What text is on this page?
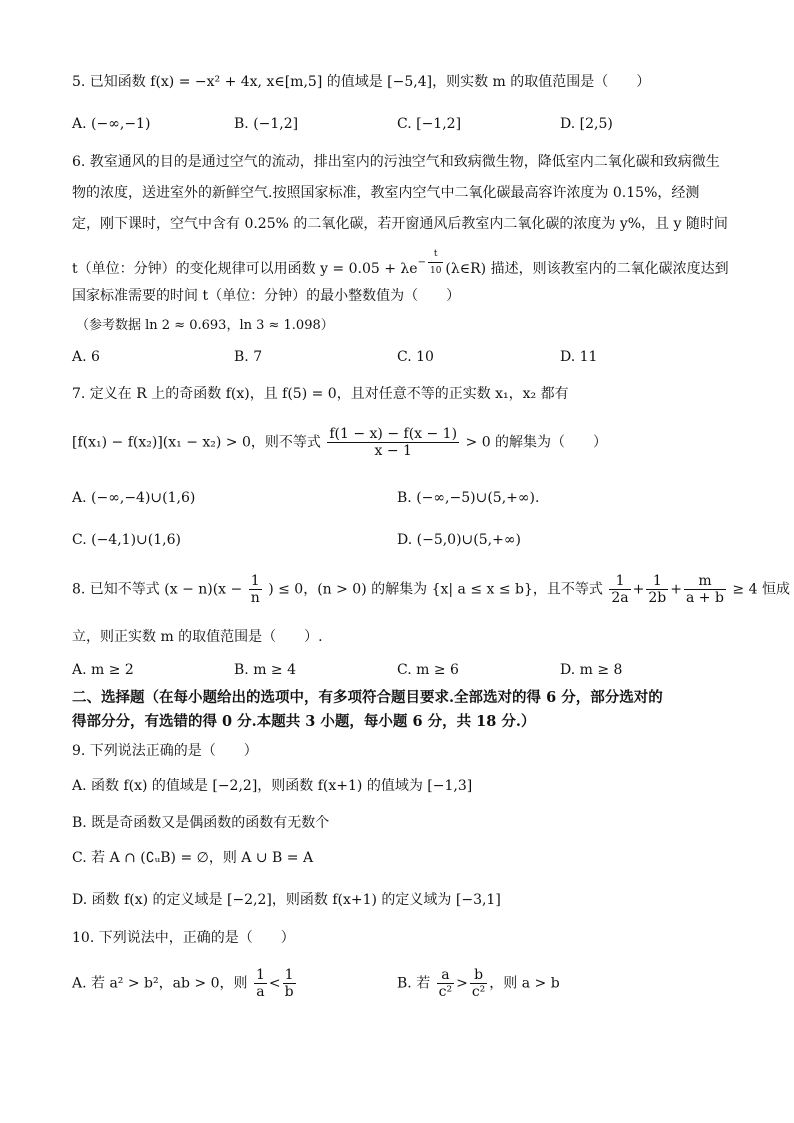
5. 已知函数 f(x) = −x² + 4x, x∈[m,5] 的值域是 [−5,4]，则实数 m 的取值范围是（　　）
A. (−∞,−1)	B. (−1,2]	C. [−1,2]	D. [2,5)
6. 教室通风的目的是通过空气的流动，排出室内的污浊空气和致病微生物，降低室内二氧化碳和致病微生
物的浓度，送进室外的新鲜空气.按照国家标准，教室内空气中二氧化碳最高容许浓度为 0.15%，经测
定，刚下课时，空气中含有 0.25% 的二氧化碳，若开窗通风后教室内二氧化碳的浓度为 y%，且 y 随时间
t（单位：分钟）的变化规律可以用函数 $y = 0.05 + \lambda e^{- \frac{t}{10}}$ (λ∈R) 描述，则该教室内的二氧化碳浓度达到
国家标准需要的时间 t（单位：分钟）的最小整数值为（　　）
（参考数据 ln 2 ≈ 0.693，ln 3 ≈ 1.098）
A. 6	B. 7	C. 10	D. 11
7. 定义在 R 上的奇函数 f(x)，且 f(5) = 0，且对任意不等的正实数 x₁，x₂ 都有
[f(x₁) − f(x₂)](x₁ − x₂) > 0，则不等式 $\frac{f(1 - x) - f(x - 1)}{x - 1} > 0$ 的解集为（　　）
A. (−∞,−4)∪(1,6)	B. (−∞,−5)∪(5,+∞).
C. (−4,1)∪(1,6)	D. (−5,0)∪(5,+∞)
8. 已知不等式 $(x - n)(x - \frac{1}{n}$ ) ≤ 0，(n > 0) 的解集为 {x| a ≤ x ≤ b}，且不等式 $\frac{1}{2a} + \frac{1}{2b} + \frac{m}{a + b} \ge 4$ 恒成
立，则正实数 m 的取值范围是（　　）.
A. m ≥ 2	B. m ≥ 4	C. m ≥ 6	D. m ≥ 8
二、选择题（在每小题给出的选项中，有多项符合题目要求.全部选对的得 6 分，部分选对的
得部分分，有选错的得 0 分.本题共 3 小题，每小题 6 分，共 18 分.）
9. 下列说法正确的是（　　）
A. 函数 f(x) 的值域是 [−2,2]，则函数 f(x+1) 的值域为 [−1,3]
B. 既是奇函数又是偶函数的函数有无数个
C. 若 A ∩ (∁ᵤB) = ∅，则 A ∪ B = A
D. 函数 f(x) 的定义域是 [−2,2]，则函数 f(x+1) 的定义域为 [−3,1]
10. 下列说法中，正确的是（　　）
A. 若 a² > b²，ab > 0，则 $\frac{1}{a} < \frac{1}{b}$	B. 若 $\frac{a}{\text{c²}} > \frac{b}{\text{c²}}$ ，则 a > b
